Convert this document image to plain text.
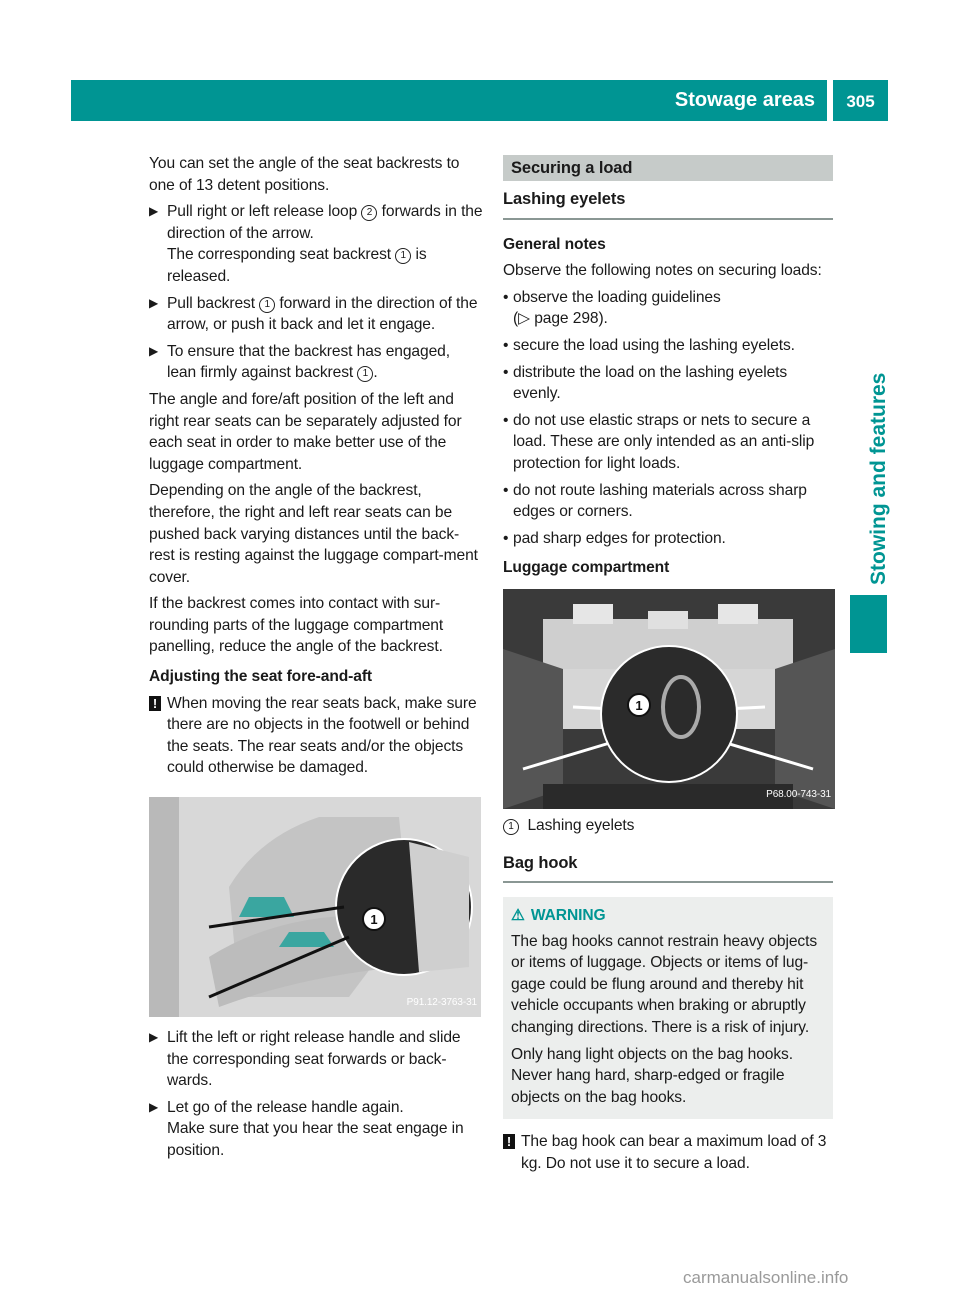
Stowage areas	305
Stowing and features

You can set the angle of the seat backrests to one of 13 detent positions.

▶ Pull right or left release loop 2 forwards in the direction of the arrow.
The corresponding seat backrest 1 is released.
▶ Pull backrest 1 forward in the direction of the arrow, or push it back and let it engage.
▶ To ensure that the backrest has engaged, lean firmly against backrest 1 .

The angle and fore/aft position of the left and right rear seats can be separately adjusted for each seat in order to make better use of the luggage compartment.

Depending on the angle of the backrest, therefore, the right and left rear seats can be pushed back varying distances until the back-rest is resting against the luggage compart-ment cover.

If the backrest comes into contact with sur-rounding parts of the luggage compartment panelling, reduce the angle of the backrest.

Adjusting the seat fore-and-aft
! When moving the rear seats back, make sure there are no objects in the footwell or behind the seats. The rear seats and/or the objects could otherwise be damaged.
1
P91.12-3763-31
▶ Lift the left or right release handle and slide the corresponding seat forwards or back-wards.
▶ Let go of the release handle again.
Make sure that you hear the seat engage in position.
Securing a load
Lashing eyelets
General notes

Observe the following notes on securing loads:

• observe the loading guidelines
(▷ page 298).
• secure the load using the lashing eyelets.
• distribute the load on the lashing eyelets evenly.
• do not use elastic straps or nets to secure a load. These are only intended as an anti-slip protection for light loads.
• do not route lashing materials across sharp edges or corners.
• pad sharp edges for protection.
Luggage compartment
1
P68.00-743-31

1 Lashing eyelets

Bag hook
⚠ WARNING

The bag hooks cannot restrain heavy objects or items of luggage. Objects or items of lug-gage could be flung around and thereby hit vehicle occupants when braking or abruptly changing directions. There is a risk of injury.

Only hang light objects on the bag hooks. Never hang hard, sharp-edged or fragile objects on the bag hooks.

! The bag hook can bear a maximum load of 3 kg. Do not use it to secure a load.
carmanualsonline.info
